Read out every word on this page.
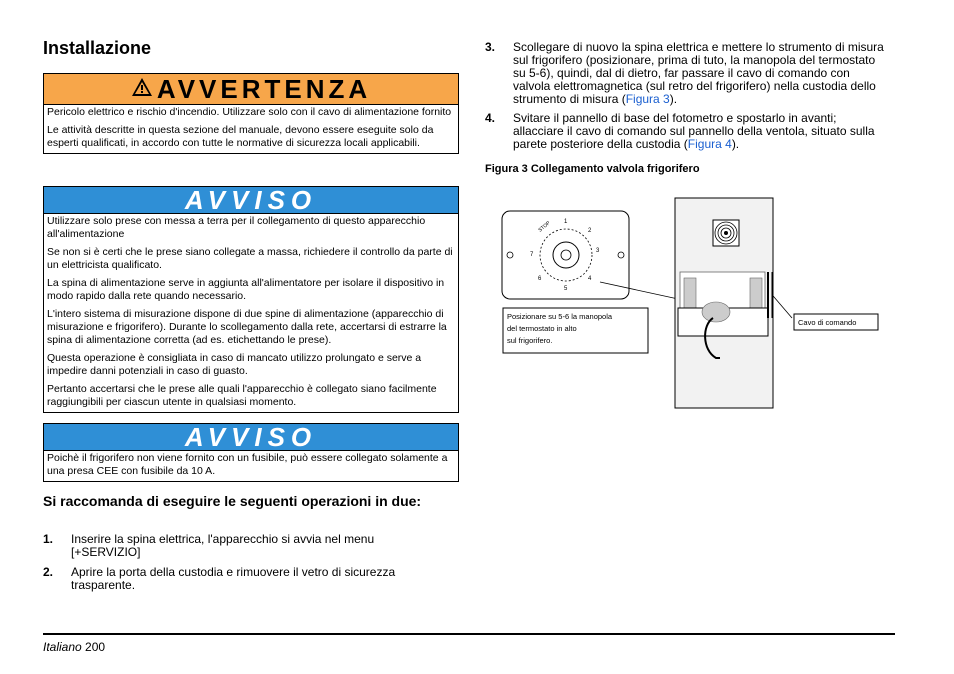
Installazione
AVVERTENZA

Pericolo elettrico e rischio d'incendio. Utilizzare solo con il cavo di alimentazione fornito

Le attività descritte in questa sezione del manuale, devono essere eseguite solo da esperti qualificati, in accordo con tutte le normative di sicurezza locali applicabili.

AVVISO

Utilizzare solo prese con messa a terra per il collegamento di questo apparecchio all'alimentazione

Se non si è certi che le prese siano collegate a massa, richiedere il controllo da parte di un elettricista qualificato.

La spina di alimentazione serve in aggiunta all'alimentatore per isolare il dispositivo in modo rapido dalla rete quando necessario.

L'intero sistema di misurazione dispone di due spine di alimentazione (apparecchio di misurazione e frigorifero). Durante lo scollegamento dalla rete, accertarsi di estrarre la spina di alimentazione corretta (ad es. etichettando le prese).

Questa operazione è consigliata in caso di mancato utilizzo prolungato e serve a impedire danni potenziali in caso di guasto.

Pertanto accertarsi che le prese alle quali l'apparecchio è collegato siano facilmente raggiungibili per ciascun utente in qualsiasi momento.

AVVISO

Poichè il frigorifero non viene fornito con un fusibile, può essere collegato solamente a una presa CEE con fusibile da 10 A.

Si raccomanda di eseguire le seguenti operazioni in due:
1. Inserire la spina elettrica, l'apparecchio si avvia nel menu [+SERVIZIO]
2. Aprire la porta della custodia e rimuovere il vetro di sicurezza trasparente.
3. Scollegare di nuovo la spina elettrica e mettere lo strumento di misura sul frigorifero (posizionare, prima di tuto, la manopola del termostato su 5-6), quindi, dal di dietro, far passare il cavo di comando con valvola elettromagnetica (sul retro del frigorifero) nella custodia dello strumento di misura (Figura 3).
4. Svitare il pannello di base del fotometro e spostarlo in avanti; allacciare il cavo di comando sul pannello della ventola, situato sulla parete posteriore della custodia (Figura 4).
Figura 3 Collegamento valvola frigorifero
STOP 1
2
3
4
5
6
7
Posizionare su 5-6 la manopola
del termostato in alto
sul frigorifero.
Cavo di comando
Italiano 200
